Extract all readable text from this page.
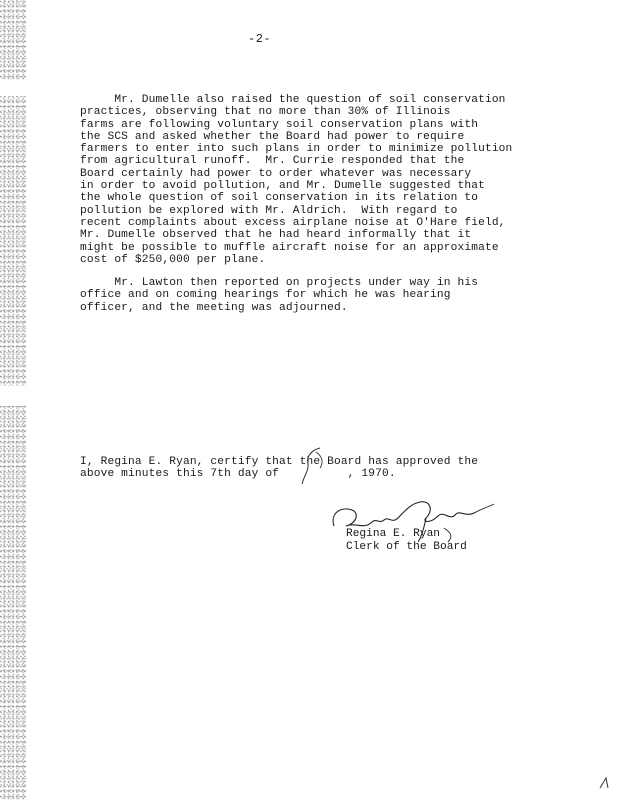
-2-
Mr. Dumelle also raised the question of soil conservation
practices, observing that no more than 30% of Illinois
farms are following voluntary soil conservation plans with
the SCS and asked whether the Board had power to require
farmers to enter into such plans in order to minimize pollution
from agricultural runoff.  Mr. Currie responded that the
Board certainly had power to order whatever was necessary
in order to avoid pollution, and Mr. Dumelle suggested that
the whole question of soil conservation in its relation to
pollution be explored with Mr. Aldrich.  With regard to
recent complaints about excess airplane noise at O'Hare field,
Mr. Dumelle observed that he had heard informally that it
might be possible to muffle aircraft noise for an approximate
cost of $250,000 per plane.
Mr. Lawton then reported on projects under way in his
office and on coming hearings for which he was hearing
officer, and the meeting was adjourned.
I, Regina E. Ryan, certify that the Board has approved the
above minutes this 7th day of          , 1970.
Regina E. Ryan
Clerk of the Board
